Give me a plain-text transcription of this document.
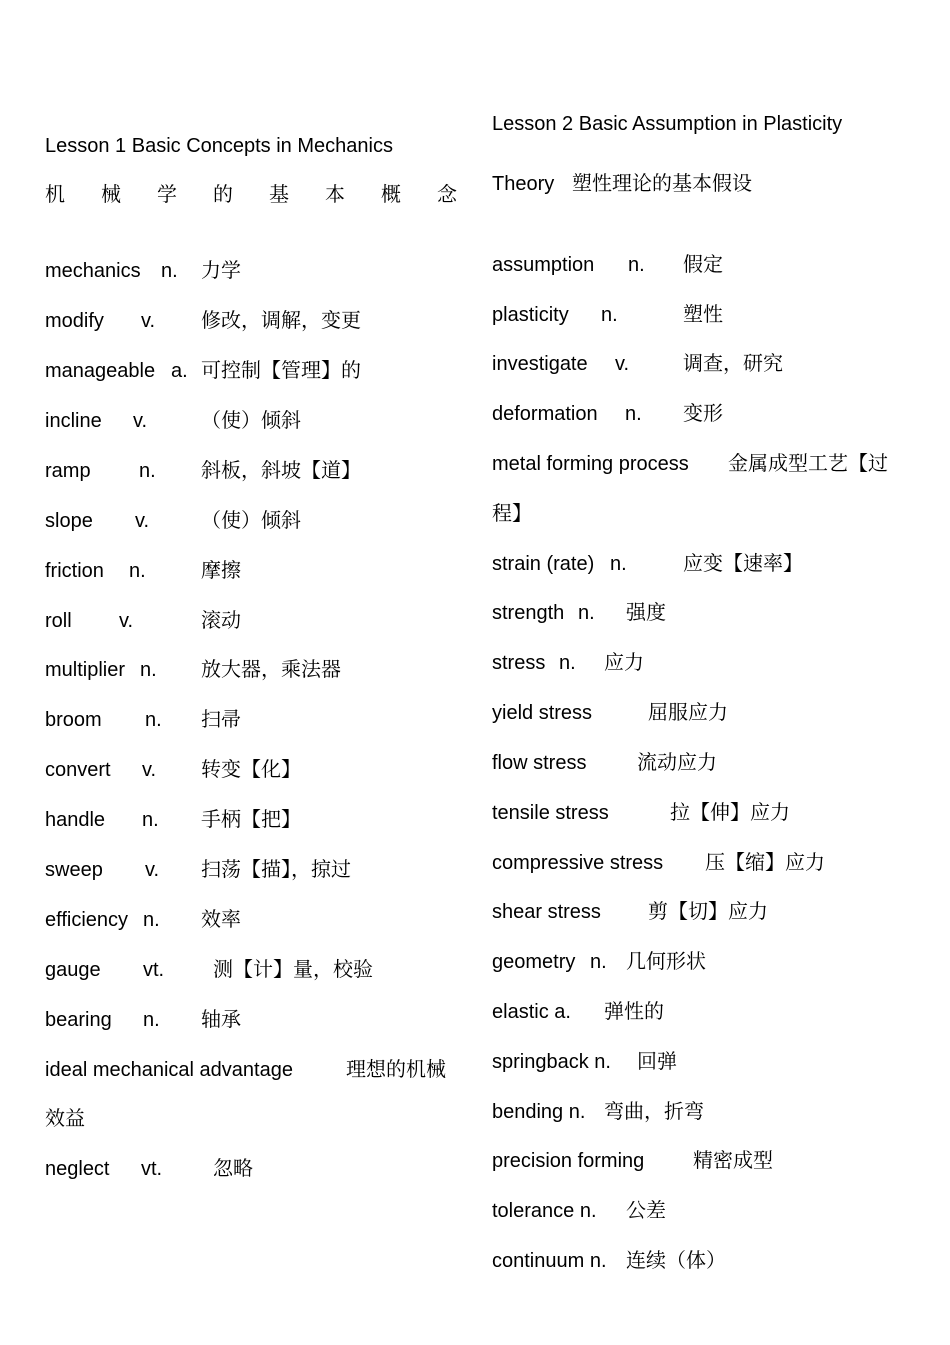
Lesson 1 Basic Concepts in Mechanics
机 械 学 的 基 本 概 念
mechanics n. 力学
modify v. 修改，调解，变更
manageable a. 可控制【管理】的
incline v.	（使）倾斜
ramp n. 斜板，斜坡【道】
slope v.	（使）倾斜
friction n.	摩擦
roll v.	滚动
multiplier n. 放大器，乘法器
broom n. 扫帚
convert v. 转变【化】
handle n. 手柄【把】
sweep v. 扫荡【描】，掠过
efficiency n. 效率
gauge vt. 测【计】量，校验
bearing n. 轴承
ideal mechanical advantage	理想的机械
效益
neglect vt.	忽略
Lesson 2 Basic Assumption in Plasticity
Theory 塑性理论的基本假设
assumption n. 假定
plasticity n.	塑性
investigate v.	调查，研究
deformation n. 变形
metal forming process 金属成型工艺【过
程】
strain (rate) n.	应变【速率】
strength n. 强度
stress n. 应力
yield stress	屈服应力
flow stress	流动应力
tensile stress	拉【伸】应力
compressive stress 压【缩】应力
shear stress 剪【切】应力
geometry n. 几何形状
elastic a. 弹性的
springback n. 回弹
bending n. 弯曲，折弯
precision forming 精密成型
tolerance n. 公差
continuum n. 连续（体）
